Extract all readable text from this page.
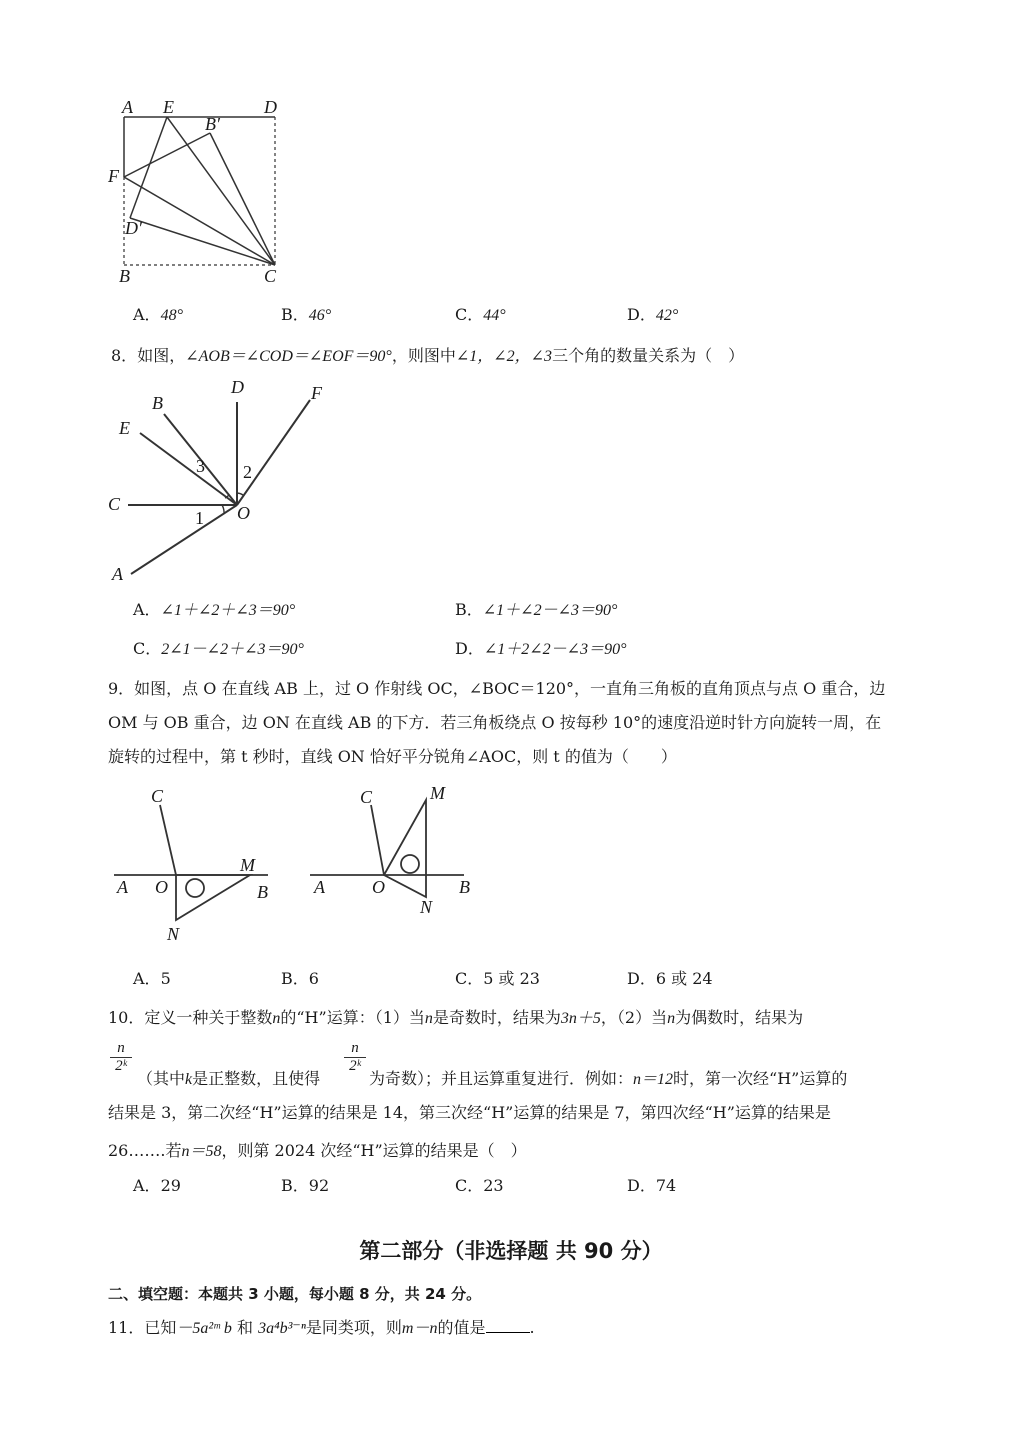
A E	D
B′
F
D′
B	C
A．48°	B．46°	C．44°	D．42°
8．如图，∠AOB＝∠COD＝∠EOF＝90°，则图中∠1，∠2，∠3三个角的数量关系为（　）
B
D	F
E
C	O
A
3 2
1
A．∠1＋∠2＋∠3＝90°	B．∠1＋∠2－∠3＝90°
C．2∠1－∠2＋∠3＝90°	D．∠1＋2∠2－∠3＝90°
9．如图，点 O 在直线 AB 上，过 O 作射线 OC，∠BOC＝120°，一直角三角板的直角顶点与点 O 重合，边
OM 与 OB 重合，边 ON 在直线 AB 的下方．若三角板绕点 O 按每秒 10°的速度沿逆时针方向旋转一周，在
旋转的过程中，第 t 秒时，直线 ON 恰好平分锐角∠AOC，则 t 的值为（　　）
C
M
A O	B
N
C	M
A	O	B
N
A．5	B．6	C．5 或 23	D．6 或 24
10．定义一种关于整数n的“H”运算：（1）当n是奇数时，结果为3n＋5，（2）当n为偶数时，结果为
n
2ᵏ
（其中k是正整数，且使得
n
2ᵏ
为奇数）；并且运算重复进行．例如：n＝12时，第一次经“H”运算的
结果是 3，第二次经“H”运算的结果是 14，第三次经“H”运算的结果是 7，第四次经“H”运算的结果是
26…….若n＝58，则第 2024 次经“H”运算的结果是（　）
A．29	B．92	C．23	D．74
第二部分（非选择题 共 90 分）
二、填空题：本题共 3 小题，每小题 8 分，共 24 分。
11．已知－5a²ᵐ b 和 3a⁴b³⁻ⁿ是同类项，则m－n的值是	.
